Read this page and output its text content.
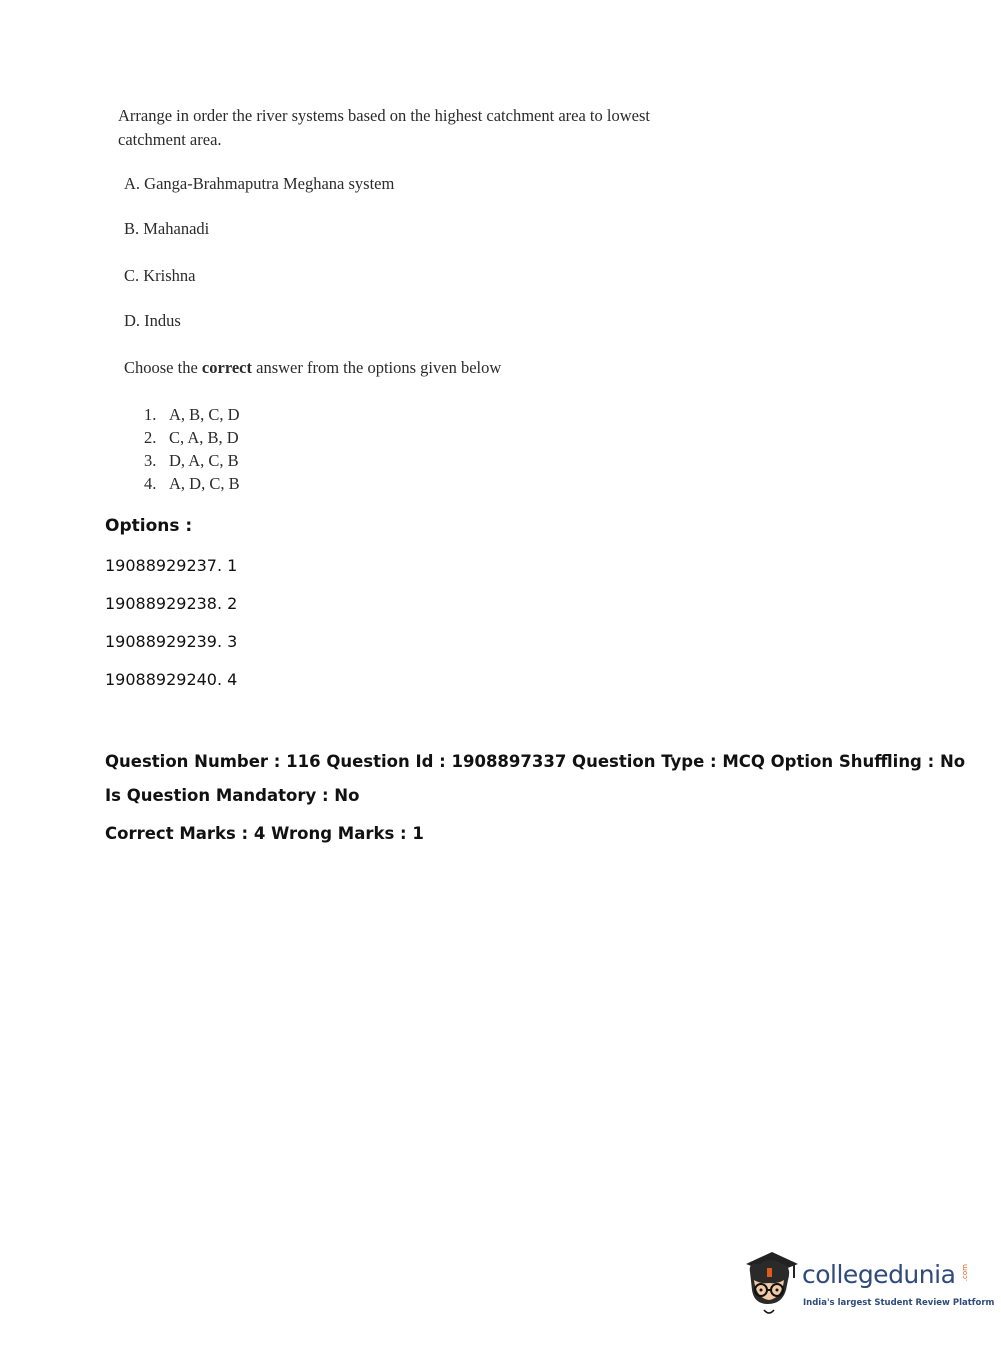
Arrange in order the river systems based on the highest catchment area to lowest catchment area.

A. Ganga-Brahmaputra Meghana system

B. Mahanadi

C. Krishna

D. Indus

Choose the correct answer from the options given below

1. A, B, C, D
2. C, A, B, D
3. D, A, C, B
4. A, D, C, B

Options :

19088929237. 1

19088929238. 2

19088929239. 3

19088929240. 4

Question Number : 116 Question Id : 1908897337 Question Type : MCQ Option Shuffling : No

Is Question Mandatory : No

Correct Marks : 4 Wrong Marks : 1

collegedunia .com
India's largest Student Review Platform
